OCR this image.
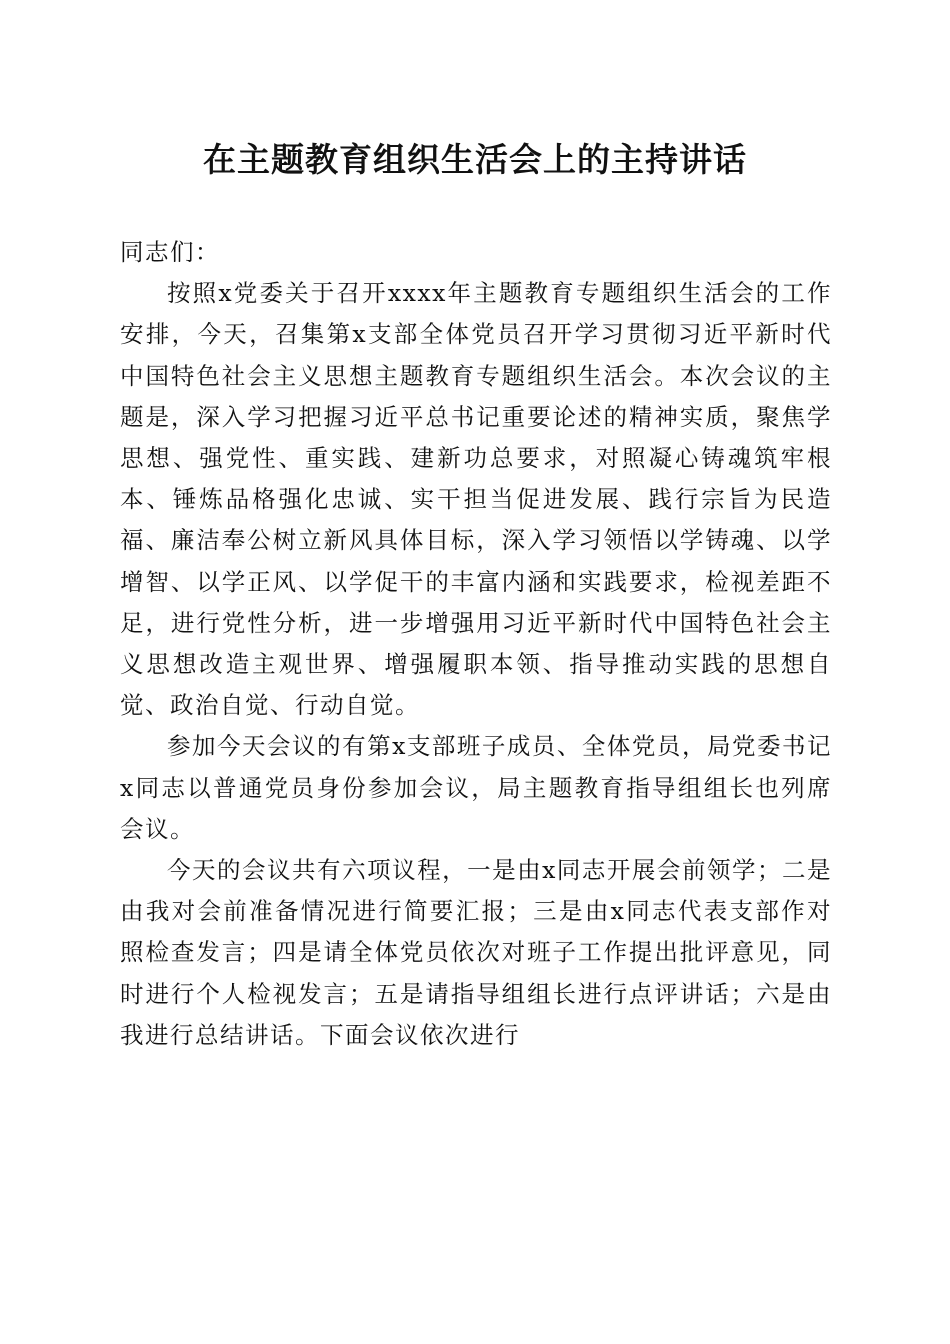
在主题教育组织生活会上的主持讲话

同志们：

按照x党委关于召开xxxx年主题教育专题组织生活会的工作安排，今天，召集第x支部全体党员召开学习贯彻习近平新时代中国特色社会主义思想主题教育专题组织生活会。本次会议的主题是，深入学习把握习近平总书记重要论述的精神实质，聚焦学思想、强党性、重实践、建新功总要求，对照凝心铸魂筑牢根本、锤炼品格强化忠诚、实干担当促进发展、践行宗旨为民造福、廉洁奉公树立新风具体目标，深入学习领悟以学铸魂、以学增智、以学正风、以学促干的丰富内涵和实践要求，检视差距不足，进行党性分析，进一步增强用习近平新时代中国特色社会主义思想改造主观世界、增强履职本领、指导推动实践的思想自觉、政治自觉、行动自觉。

参加今天会议的有第x支部班子成员、全体党员，局党委书记x同志以普通党员身份参加会议，局主题教育指导组组长也列席会议。

今天的会议共有六项议程，一是由x同志开展会前领学；二是由我对会前准备情况进行简要汇报；三是由x同志代表支部作对照检查发言；四是请全体党员依次对班子工作提出批评意见，同时进行个人检视发言；五是请指导组组长进行点评讲话；六是由我进行总结讲话。下面会议依次进行
